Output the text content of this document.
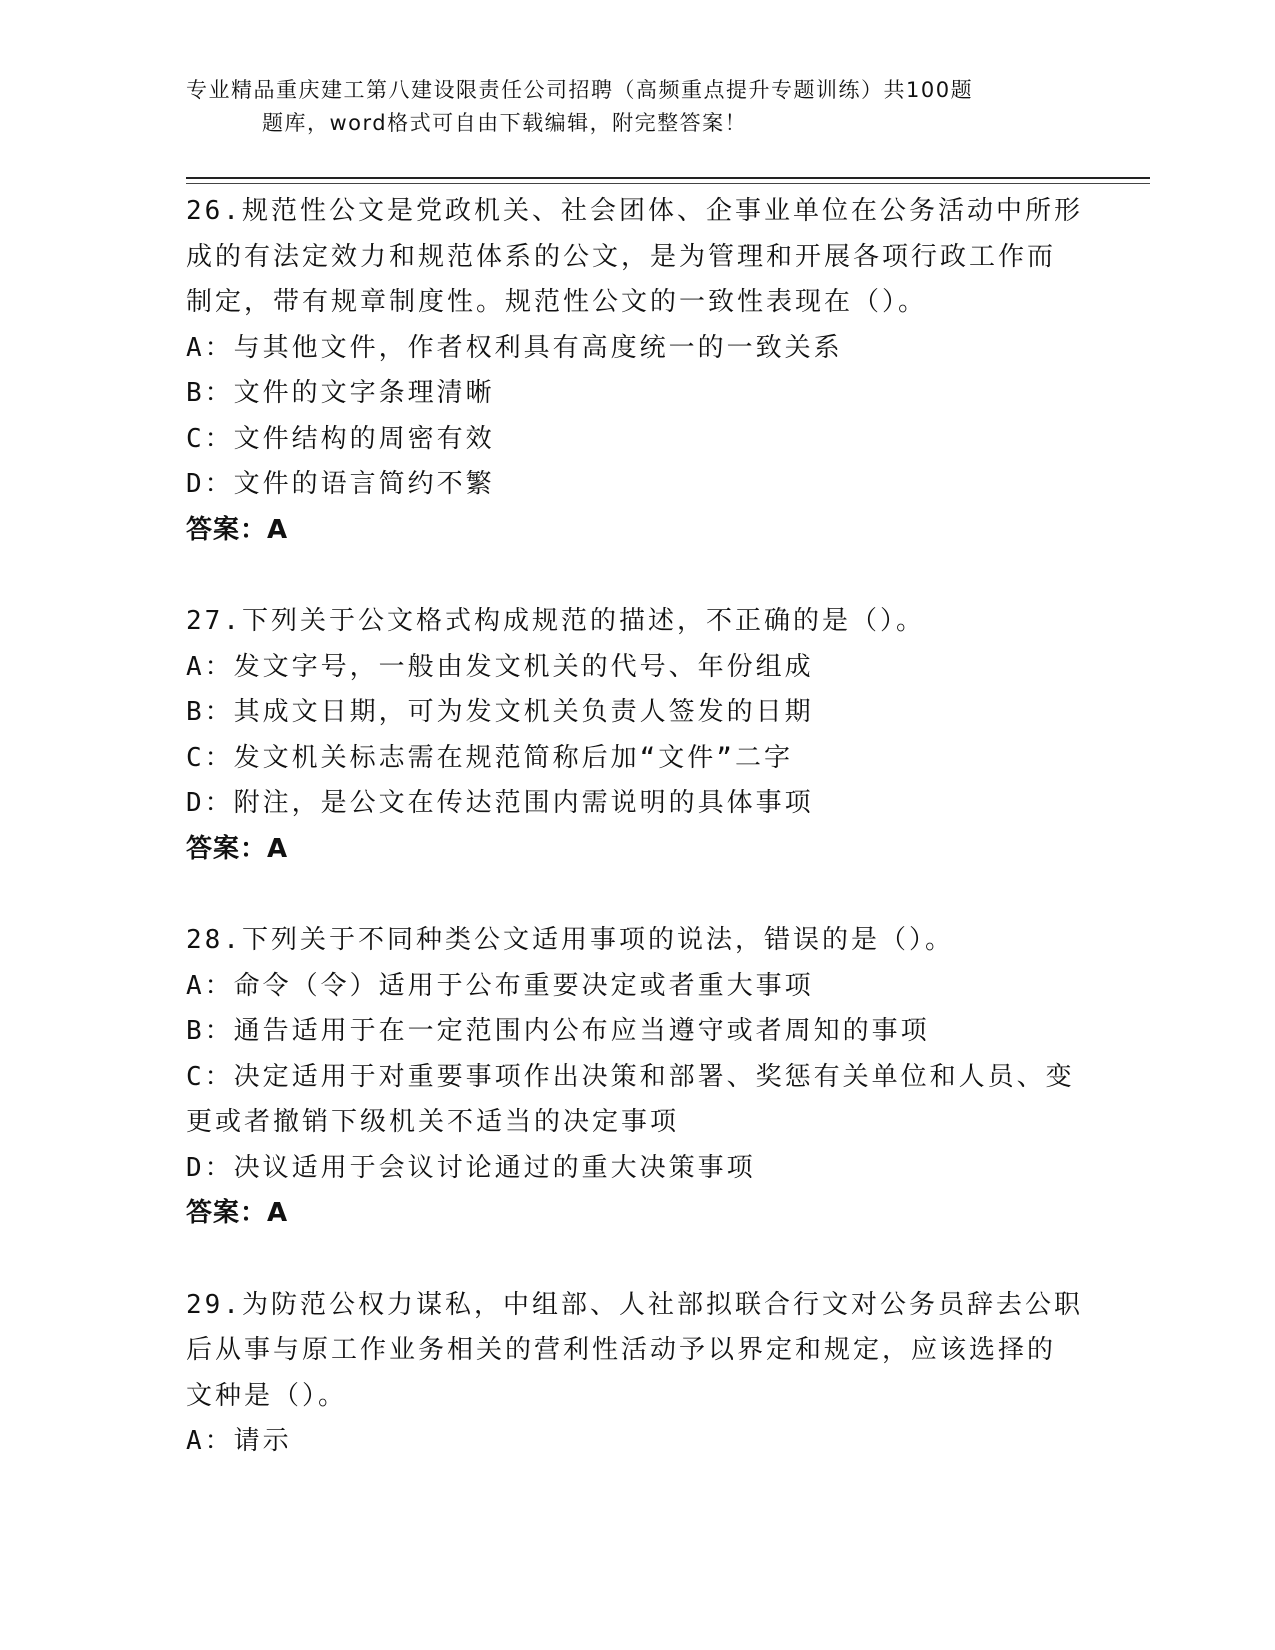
专业精品重庆建工第八建设限责任公司招聘（高频重点提升专题训练）共100题
题库，word格式可自由下载编辑，附完整答案！
26.规范性公文是党政机关、社会团体、企事业单位在公务活动中所形
成的有法定效力和规范体系的公文，是为管理和开展各项行政工作而
制定，带有规章制度性。规范性公文的一致性表现在（）。
A：与其他文件，作者权利具有高度统一的一致关系
B：文件的文字条理清晰
C：文件结构的周密有效
D：文件的语言简约不繁
答案：A
27.下列关于公文格式构成规范的描述，不正确的是（）。
A：发文字号，一般由发文机关的代号、年份组成
B：其成文日期，可为发文机关负责人签发的日期
C：发文机关标志需在规范简称后加“文件”二字
D：附注，是公文在传达范围内需说明的具体事项
答案：A
28.下列关于不同种类公文适用事项的说法，错误的是（）。
A：命令（令）适用于公布重要决定或者重大事项
B：通告适用于在一定范围内公布应当遵守或者周知的事项
C：决定适用于对重要事项作出决策和部署、奖惩有关单位和人员、变
更或者撤销下级机关不适当的决定事项
D：决议适用于会议讨论通过的重大决策事项
答案：A
29.为防范公权力谋私，中组部、人社部拟联合行文对公务员辞去公职
后从事与原工作业务相关的营利性活动予以界定和规定，应该选择的
文种是（）。
A：请示
